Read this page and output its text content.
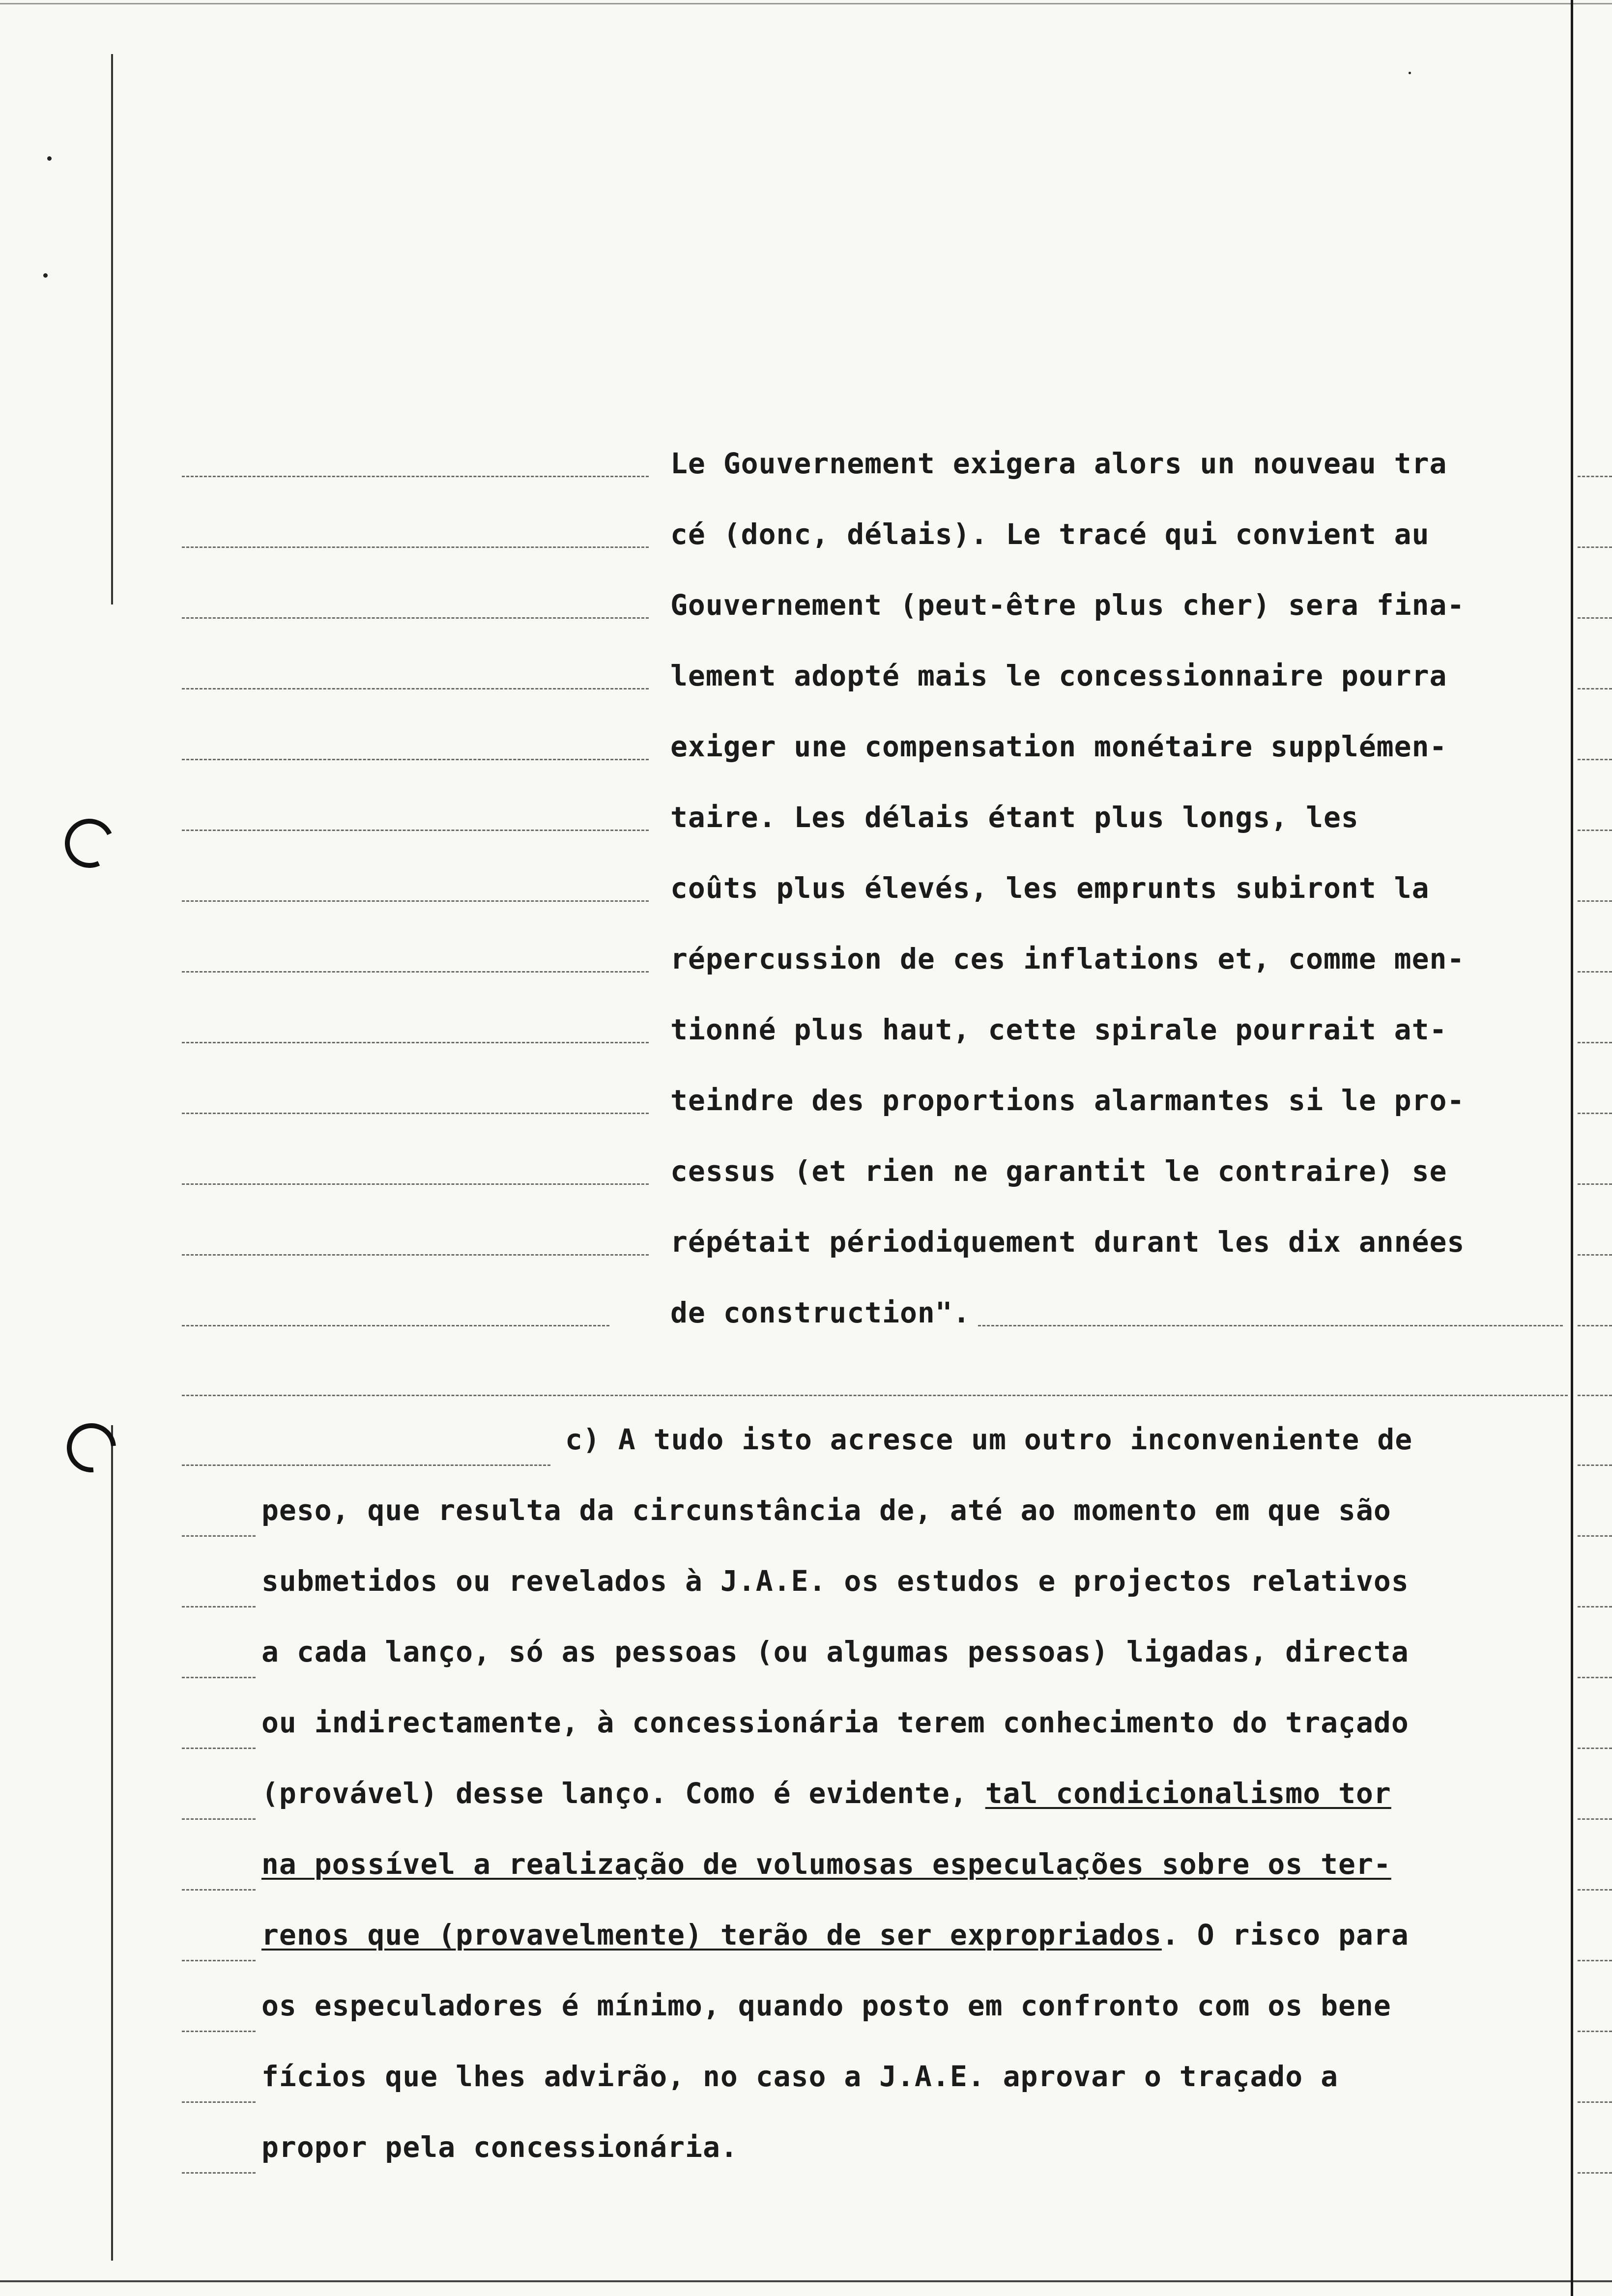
Le Gouvernement exigera alors un nouveau tra
cé (donc, délais). Le tracé qui convient au
Gouvernement (peut-être plus cher) sera fina-
lement adopté mais le concessionnaire pourra
exiger une compensation monétaire supplémen-
taire. Les délais étant plus longs, les
coûts plus élevés, les emprunts subiront la
répercussion de ces inflations et, comme men-
tionné plus haut, cette spirale pourrait at-
teindre des proportions alarmantes si le pro-
cessus (et rien ne garantit le contraire) se
répétait périodiquement durant les dix années
de construction".
c) A tudo isto acresce um outro inconveniente de
peso, que resulta da circunstância de, até ao momento em que são
submetidos ou revelados à J.A.E. os estudos e projectos relativos
a cada lanço, só as pessoas (ou algumas pessoas) ligadas, directa
ou indirectamente, à concessionária terem conhecimento do traçado
(provável) desse lanço. Como é evidente, tal condicionalismo tor
na possível a realização de volumosas especulações sobre os ter-
renos que (provavelmente) terão de ser expropriados. O risco para
os especuladores é mínimo, quando posto em confronto com os bene
fícios que lhes advirão, no caso a J.A.E. aprovar o traçado a
propor pela concessionária.
